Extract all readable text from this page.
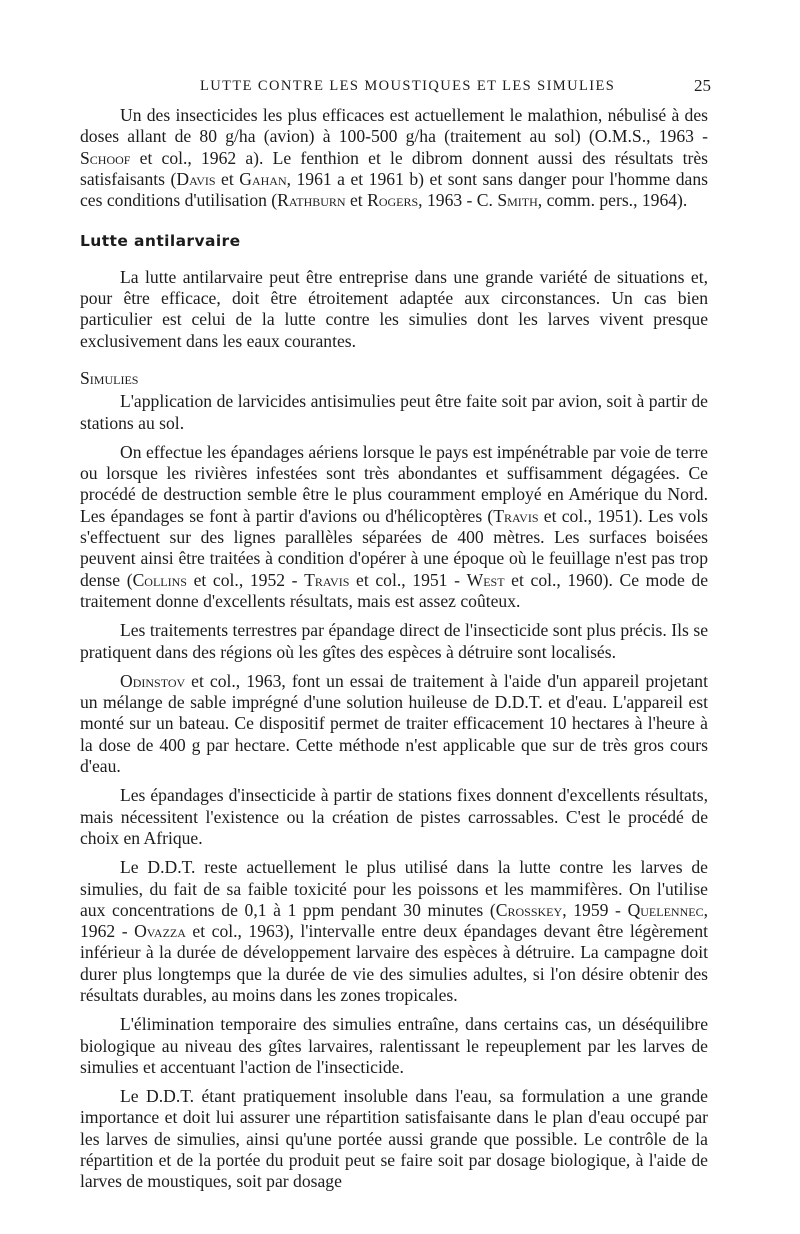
LUTTE CONTRE LES MOUSTIQUES ET LES SIMULIES	25

Un des insecticides les plus efficaces est actuellement le malathion, nébulisé à des doses allant de 80 g/ha (avion) à 100-500 g/ha (traitement au sol) (O.M.S., 1963 - Schoof et col., 1962 a). Le fenthion et le dibrom donnent aussi des résultats très satisfaisants (Davis et Gahan, 1961 a et 1961 b) et sont sans danger pour l'homme dans ces conditions d'utilisation (Rathburn et Rogers, 1963 - C. Smith, comm. pers., 1964).

Lutte antilarvaire

La lutte antilarvaire peut être entreprise dans une grande variété de situations et, pour être efficace, doit être étroitement adaptée aux circonstances. Un cas bien particulier est celui de la lutte contre les simulies dont les larves vivent presque exclusivement dans les eaux courantes.

Simulies

L'application de larvicides antisimulies peut être faite soit par avion, soit à partir de stations au sol.

On effectue les épandages aériens lorsque le pays est impénétrable par voie de terre ou lorsque les rivières infestées sont très abondantes et suffisamment dégagées. Ce procédé de destruction semble être le plus couramment employé en Amérique du Nord. Les épandages se font à partir d'avions ou d'hélicoptères (Travis et col., 1951). Les vols s'effectuent sur des lignes parallèles séparées de 400 mètres. Les surfaces boisées peuvent ainsi être traitées à condition d'opérer à une époque où le feuillage n'est pas trop dense (Collins et col., 1952 - Travis et col., 1951 - West et col., 1960). Ce mode de traitement donne d'excellents résultats, mais est assez coûteux.

Les traitements terrestres par épandage direct de l'insecticide sont plus précis. Ils se pratiquent dans des régions où les gîtes des espèces à détruire sont localisés.

Odinstov et col., 1963, font un essai de traitement à l'aide d'un appareil projetant un mélange de sable imprégné d'une solution huileuse de D.D.T. et d'eau. L'appareil est monté sur un bateau. Ce dispositif permet de traiter efficacement 10 hectares à l'heure à la dose de 400 g par hectare. Cette méthode n'est applicable que sur de très gros cours d'eau.

Les épandages d'insecticide à partir de stations fixes donnent d'excellents résultats, mais nécessitent l'existence ou la création de pistes carrossables. C'est le procédé de choix en Afrique.

Le D.D.T. reste actuellement le plus utilisé dans la lutte contre les larves de simulies, du fait de sa faible toxicité pour les poissons et les mammifères. On l'utilise aux concentrations de 0,1 à 1 ppm pendant 30 minutes (Crosskey, 1959 - Quelennec, 1962 - Ovazza et col., 1963), l'intervalle entre deux épandages devant être légèrement inférieur à la durée de développement larvaire des espèces à détruire. La campagne doit durer plus longtemps que la durée de vie des simulies adultes, si l'on désire obtenir des résultats durables, au moins dans les zones tropicales.

L'élimination temporaire des simulies entraîne, dans certains cas, un déséquilibre biologique au niveau des gîtes larvaires, ralentissant le repeuplement par les larves de simulies et accentuant l'action de l'insecticide.

Le D.D.T. étant pratiquement insoluble dans l'eau, sa formulation a une grande importance et doit lui assurer une répartition satisfaisante dans le plan d'eau occupé par les larves de simulies, ainsi qu'une portée aussi grande que possible. Le contrôle de la répartition et de la portée du produit peut se faire soit par dosage biologique, à l'aide de larves de moustiques, soit par dosage
